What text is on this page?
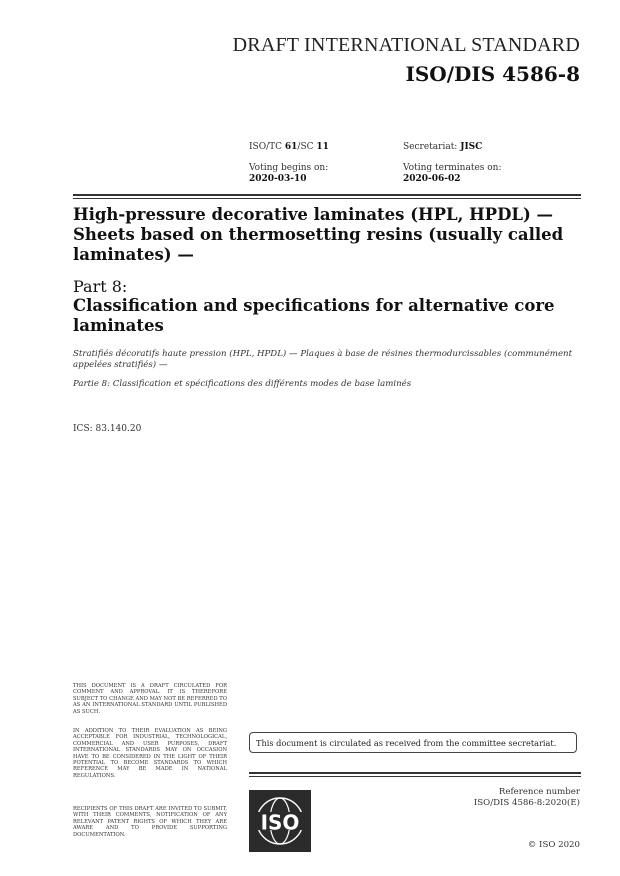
DRAFT INTERNATIONAL STANDARD
ISO/DIS 4586-8
ISO/TC 61/SC 11	Secretariat: JISC
Voting begins on:
2020-03-10
Voting terminates on:
2020-06-02
High-pressure decorative laminates (HPL, HPDL) — Sheets based on thermosetting resins (usually called laminates) —
Part 8:
Classification and specifications for alternative core laminates
Stratifiés décoratifs haute pression (HPL, HPDL) — Plaques à base de résines thermodurcissables (communément appelées stratifiés) —
Partie 8: Classification et spécifications des différents modes de base laminés
ICS: 83.140.20
THIS DOCUMENT IS A DRAFT CIRCULATED FOR COMMENT AND APPROVAL. IT IS THEREFORE SUBJECT TO CHANGE AND MAY NOT BE REFERRED TO AS AN INTERNATIONAL STANDARD UNTIL PUBLISHED AS SUCH.
IN ADDITION TO THEIR EVALUATION AS BEING ACCEPTABLE FOR INDUSTRIAL, TECHNOLOGICAL, COMMERCIAL AND USER PURPOSES, DRAFT INTERNATIONAL STANDARDS MAY ON OCCASION HAVE TO BE CONSIDERED IN THE LIGHT OF THEIR POTENTIAL TO BECOME STANDARDS TO WHICH REFERENCE MAY BE MADE IN NATIONAL REGULATIONS.
RECIPIENTS OF THIS DRAFT ARE INVITED TO SUBMIT, WITH THEIR COMMENTS, NOTIFICATION OF ANY RELEVANT PATENT RIGHTS OF WHICH THEY ARE AWARE AND TO PROVIDE SUPPORTING DOCUMENTATION.
This document is circulated as received from the committee secretariat.
ISO
Reference number
ISO/DIS 4586-8:2020(E)
© ISO 2020
